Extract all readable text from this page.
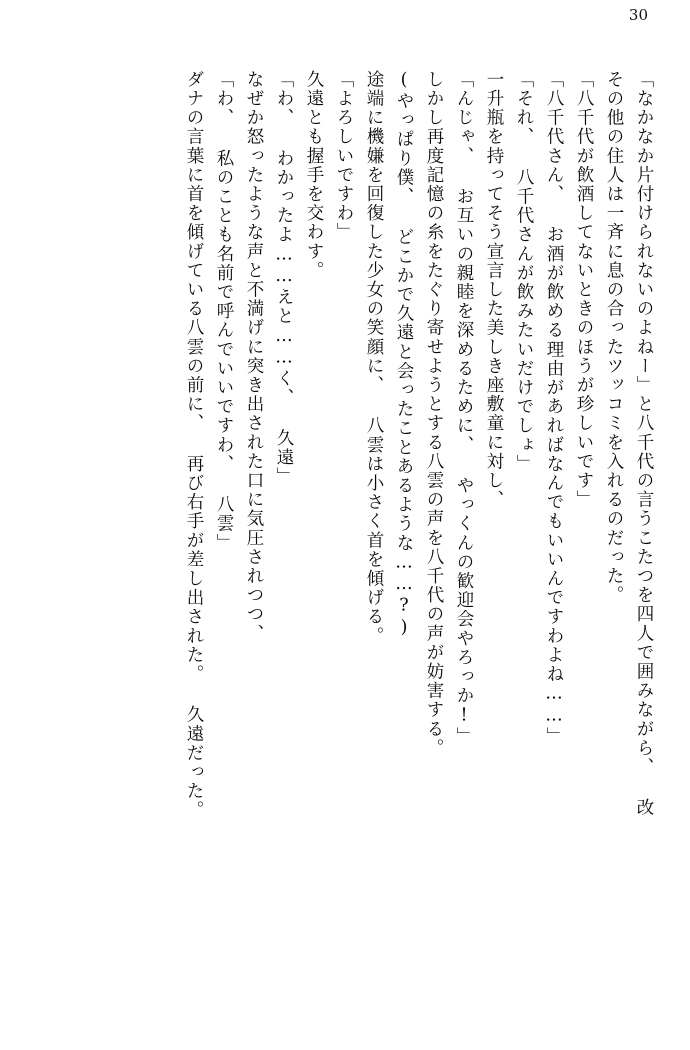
30
ダナの言葉に首を傾げている八雲の前に、 再び右手が差し出された。 久遠だった。 「わ、 私のことも名前で呼んでいいですわ、 八雲」 なぜか怒ったような声と不満げに突き出された口に気圧されつつ、 「わ、 わかったよ……えと……く、 久遠」 久遠とも握手を交わす。 「よろしいですわ」 途端に機嫌を回復した少女の笑顔に、 八雲は小さく首を傾げる。 (やっぱり僕、 どこかで久遠と会ったことあるような……?) しかし再度記憶の糸をたぐり寄せようとする八雲の声を八千代の声が妨害する。 「んじゃ、 お互いの親睦を深めるために、 やっくんの歓迎会やろっか!」 一升瓶を持ってそう宣言した美しき座敷童に対し、 「それ、 八千代さんが飲みたいだけでしょ」 「八千代さん、 お酒が飲める理由があればなんでもいいんですわよね……」 「八千代が飲酒してないときのほうが珍しいです」 その他の住人は一斉に息の合ったツッコミを入れるのだった。 「なかなか片付けられないのよねー」と八千代の言うこたつを四人で囲みながら、 改
